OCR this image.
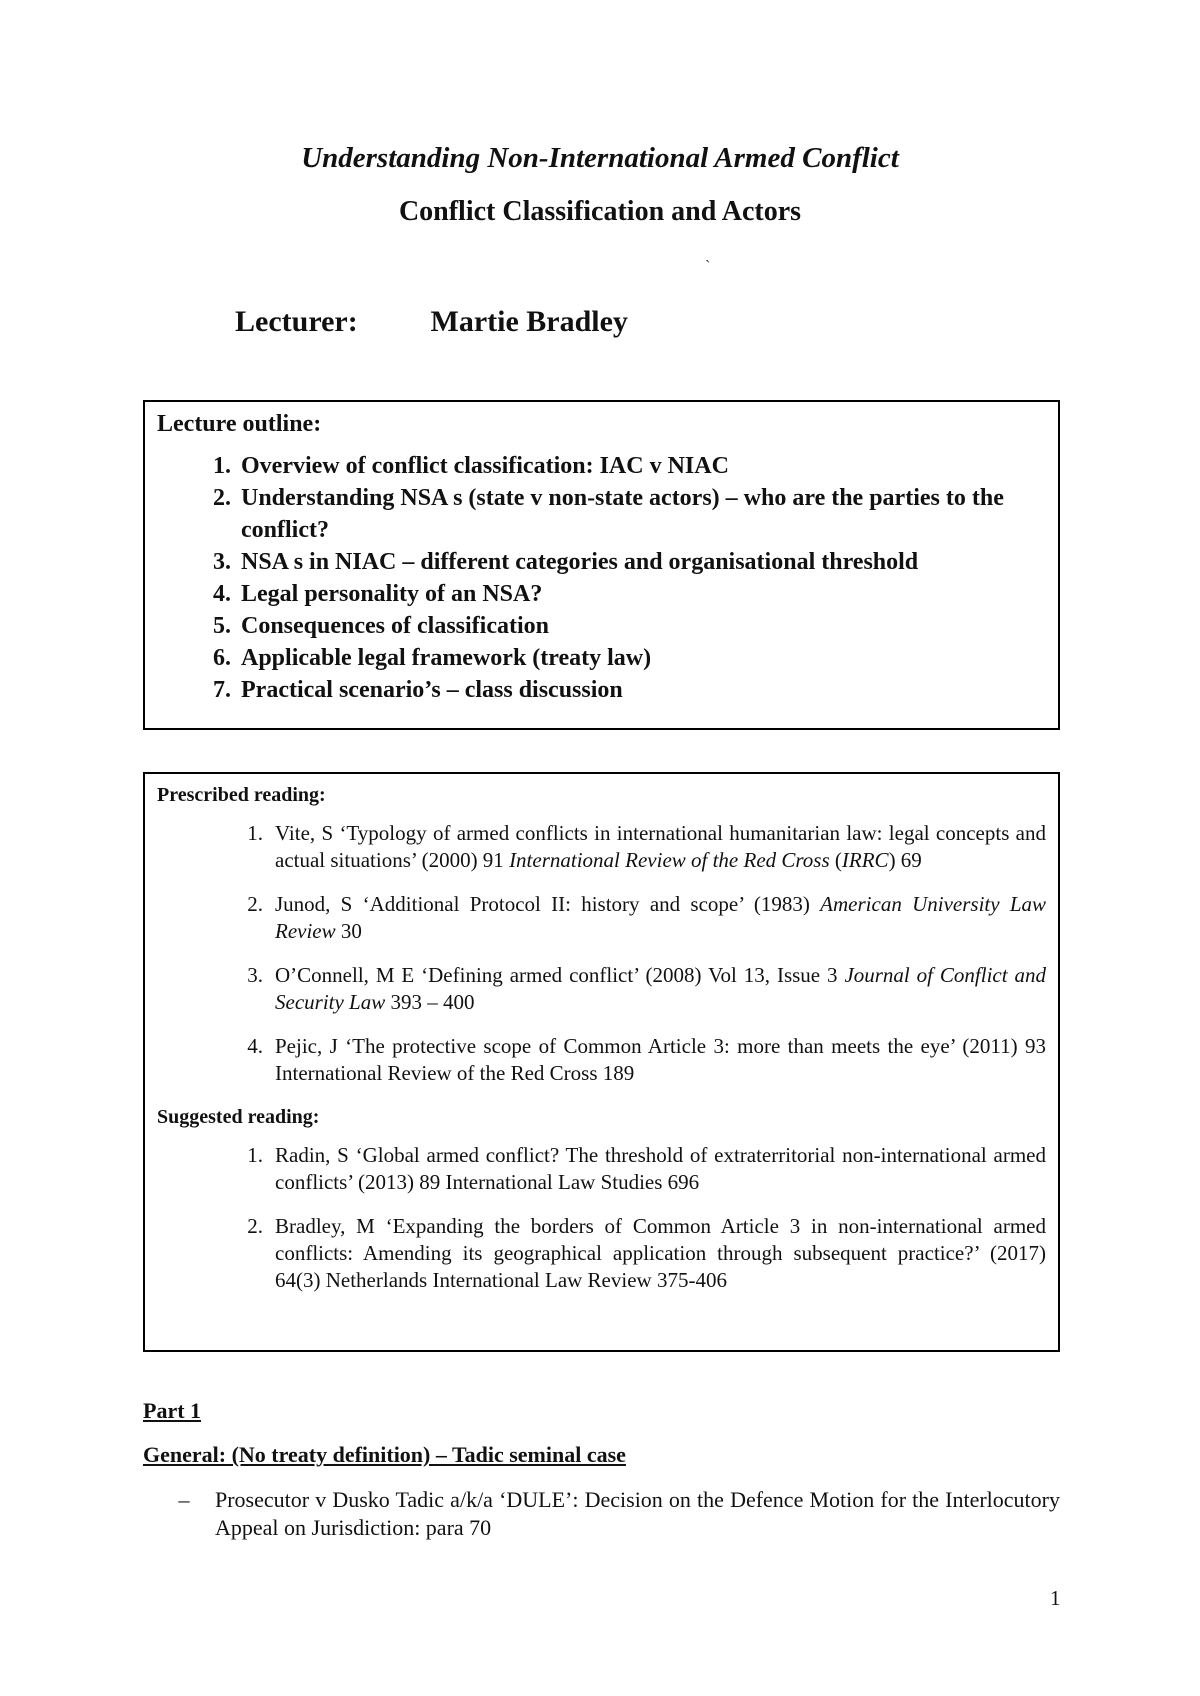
Understanding Non-International Armed Conflict
Conflict Classification and Actors
`
Lecturer: Martie Bradley

Lecture outline:

1. Overview of conflict classification: IAC v NIAC
2. Understanding NSA s (state v non-state actors) – who are the parties to the conflict?
3. NSA s in NIAC – different categories and organisational threshold
4. Legal personality of an NSA?
5. Consequences of classification
6. Applicable legal framework (treaty law)
7. Practical scenario’s – class discussion

Prescribed reading:

1. Vite, S ‘Typology of armed conflicts in international humanitarian law: legal concepts and actual situations’ (2000) 91 International Review of the Red Cross (IRRC) 69
2. Junod, S ‘Additional Protocol II: history and scope’ (1983) American University Law Review 30
3. O’Connell, M E ‘Defining armed conflict’ (2008) Vol 13, Issue 3 Journal of Conflict and Security Law 393 – 400
4. Pejic, J ‘The protective scope of Common Article 3: more than meets the eye’ (2011) 93 International Review of the Red Cross 189

Suggested reading:

1. Radin, S ‘Global armed conflict? The threshold of extraterritorial non-international armed conflicts’ (2013) 89 International Law Studies 696
2. Bradley, M ‘Expanding the borders of Common Article 3 in non-international armed conflicts: Amending its geographical application through subsequent practice?’ (2017) 64(3) Netherlands International Law Review 375-406

Part 1

General: (No treaty definition) – Tadic seminal case

–	Prosecutor v Dusko Tadic a/k/a ‘DULE’: Decision on the Defence Motion for the Interlocutory Appeal on Jurisdiction: para 70
1
